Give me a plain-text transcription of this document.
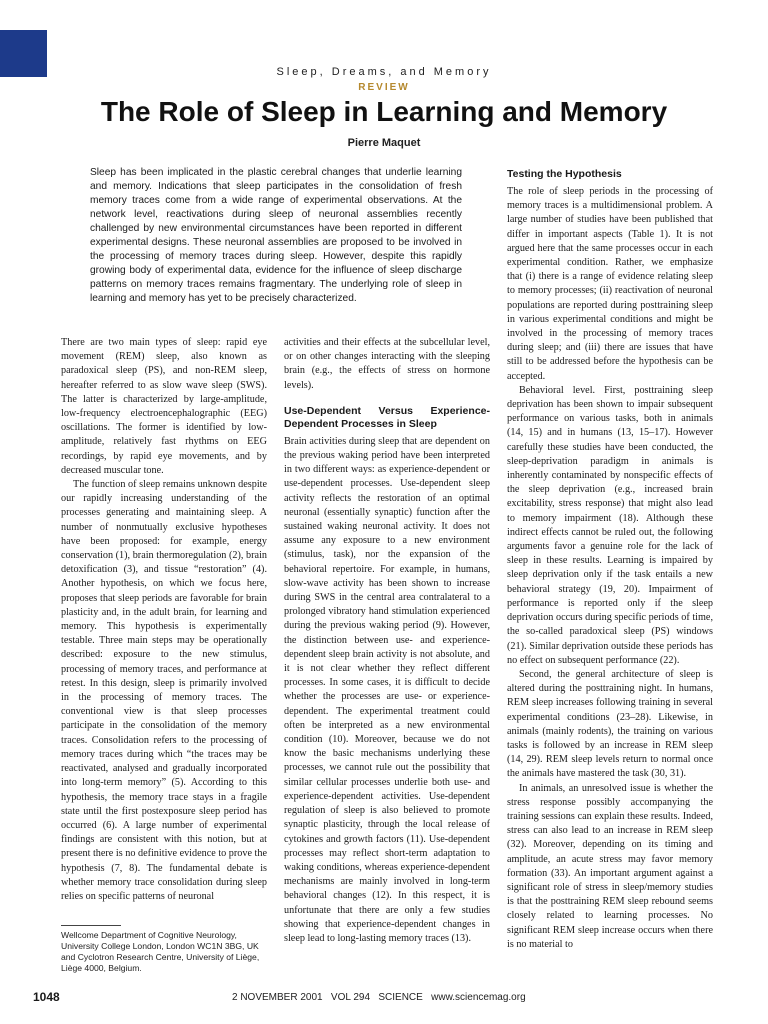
Sleep, Dreams, and Memory
REVIEW
The Role of Sleep in Learning and Memory
Pierre Maquet
Sleep has been implicated in the plastic cerebral changes that underlie learning and memory. Indications that sleep participates in the consolidation of fresh memory traces come from a wide range of experimental observations. At the network level, reactivations during sleep of neuronal assemblies recently challenged by new environmental circumstances have been reported in different experimental designs. These neuronal assemblies are proposed to be involved in the processing of memory traces during sleep. However, despite this rapidly growing body of experimental data, evidence for the influence of sleep discharge patterns on memory traces remains fragmentary. The underlying role of sleep in learning and memory has yet to be precisely characterized.

There are two main types of sleep: rapid eye movement (REM) sleep, also known as paradoxical sleep (PS), and non-REM sleep, hereafter referred to as slow wave sleep (SWS). The latter is characterized by large-amplitude, low-frequency electroencephalographic (EEG) oscillations. The former is identified by low-amplitude, relatively fast rhythms on EEG recordings, by rapid eye movements, and by decreased muscular tone.

The function of sleep remains unknown despite our rapidly increasing understanding of the processes generating and maintaining sleep. A number of nonmutually exclusive hypotheses have been proposed: for example, energy conservation (1), brain thermoregulation (2), brain detoxification (3), and tissue “restoration” (4). Another hypothesis, on which we focus here, proposes that sleep periods are favorable for brain plasticity and, in the adult brain, for learning and memory. This hypothesis is experimentally testable. Three main steps may be operationally described: exposure to the new stimulus, processing of memory traces, and performance at retest. In this design, sleep is primarily involved in the processing of memory traces. The conventional view is that sleep processes participate in the consolidation of the memory traces. Consolidation refers to the processing of memory traces during which “the traces may be reactivated, analysed and gradually incorporated into long-term memory” (5). According to this hypothesis, the memory trace stays in a fragile state until the first postexposure sleep period has occurred (6). A large number of experimental findings are consistent with this notion, but at present there is no definitive evidence to prove the hypothesis (7, 8). The fundamental debate is whether memory trace consolidation during sleep relies on specific patterns of neuronal

activities and their effects at the subcellular level, or on other changes interacting with the sleeping brain (e.g., the effects of stress on hormone levels).

Use-Dependent Versus Experience-Dependent Processes in Sleep

Brain activities during sleep that are dependent on the previous waking period have been interpreted in two different ways: as experience-dependent or use-dependent processes. Use-dependent sleep activity reflects the restoration of an optimal neuronal (essentially synaptic) function after the sustained waking neuronal activity. It does not assume any exposure to a new environment (stimulus, task), nor the expansion of the behavioral repertoire. For example, in humans, slow-wave activity has been shown to increase during SWS in the central area contralateral to a prolonged vibratory hand stimulation experienced during the previous waking period (9). However, the distinction between use- and experience-dependent sleep brain activity is not absolute, and it is not clear whether they reflect different processes. In some cases, it is difficult to decide whether the processes are use- or experience-dependent. The experimental treatment could often be interpreted as a new environmental condition (10). Moreover, because we do not know the basic mechanisms underlying these processes, we cannot rule out the possibility that similar cellular processes underlie both use- and experience-dependent activities. Use-dependent regulation of sleep is also believed to promote synaptic plasticity, through the local release of cytokines and growth factors (11). Use-dependent processes may reflect short-term adaptation to waking conditions, whereas experience-dependent mechanisms are mainly involved in long-term behavioral changes (12). In this respect, it is unfortunate that there are only a few studies showing that experience-dependent changes in sleep lead to long-lasting memory traces (13).

Testing the Hypothesis

The role of sleep periods in the processing of memory traces is a multidimensional problem. A large number of studies have been published that differ in important aspects (Table 1). It is not argued here that the same processes occur in each experimental condition. Rather, we emphasize that (i) there is a range of evidence relating sleep to memory processes; (ii) reactivation of neuronal populations are reported during posttraining sleep in various experimental conditions and might be involved in the processing of memory traces during sleep; and (iii) there are issues that have still to be addressed before the hypothesis can be accepted.

Behavioral level. First, posttraining sleep deprivation has been shown to impair subsequent performance on various tasks, both in animals (14, 15) and in humans (13, 15–17). However carefully these studies have been conducted, the sleep-deprivation paradigm in animals is inherently contaminated by nonspecific effects of the sleep deprivation (e.g., increased brain excitability, stress response) that might also lead to memory impairment (18). Although these indirect effects cannot be ruled out, the following arguments favor a genuine role for the lack of sleep in these results. Learning is impaired by sleep deprivation only if the task entails a new behavioral strategy (19, 20). Impairment of performance is reported only if the sleep deprivation occurs during specific periods of time, the so-called paradoxical sleep (PS) windows (21). Similar deprivation outside these periods has no effect on subsequent performance (22).

Second, the general architecture of sleep is altered during the posttraining night. In humans, REM sleep increases following training in several experimental conditions (23–28). Likewise, in animals (mainly rodents), the training on various tasks is followed by an increase in REM sleep (14, 29). REM sleep levels return to normal once the animals have mastered the task (30, 31).

In animals, an unresolved issue is whether the stress response possibly accompanying the training sessions can explain these results. Indeed, stress can also lead to an increase in REM sleep (32). Moreover, depending on its timing and amplitude, an acute stress may favor memory formation (33). An important argument against a significant role of stress in sleep/memory studies is that the posttraining REM sleep rebound seems closely related to learning processes. No significant REM sleep increase occurs when there is no material to

Wellcome Department of Cognitive Neurology, University College London, London WC1N 3BG, UK and Cyclotron Research Centre, University of Liège, Liège 4000, Belgium.
1048	2 NOVEMBER 2001   VOL 294   SCIENCE   www.sciencemag.org
